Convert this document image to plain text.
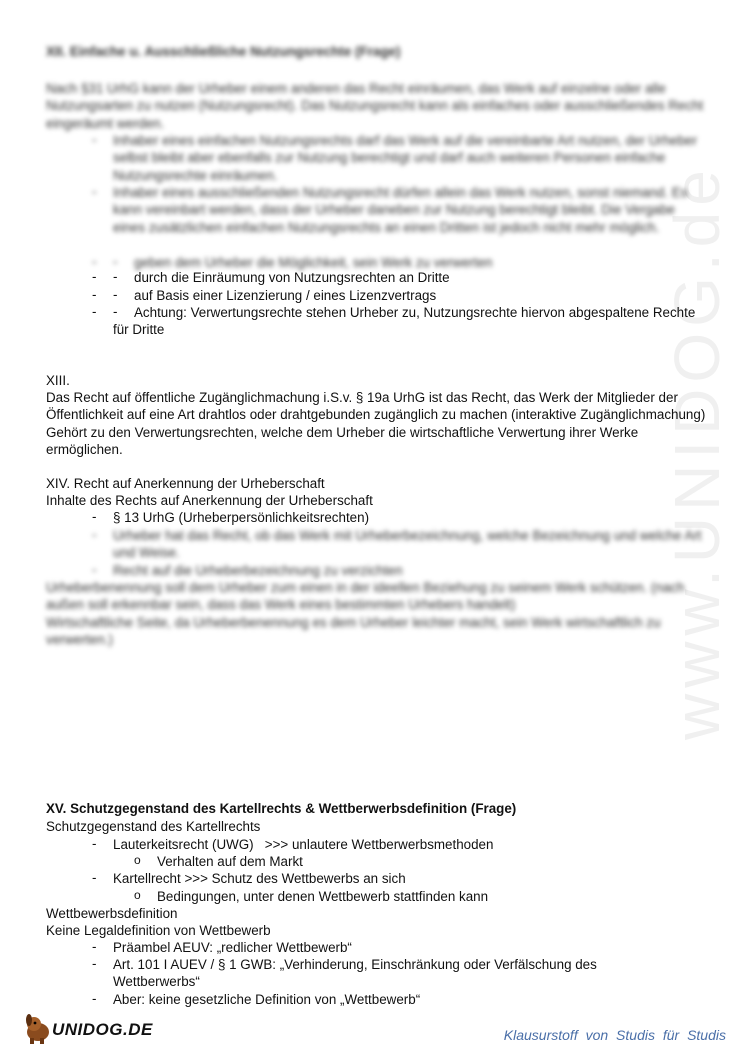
www.UNIDOG.de
XII. Einfache u. Ausschließliche Nutzungsrechte (Frage)
Nach §31 UrhG kann der Urheber einem anderen das Recht einräumen, das Werk auf einzelne oder alle Nutzungsarten zu nutzen (Nutzungsrecht). Das Nutzungsrecht kann als einfaches oder ausschließendes Recht eingeräumt werden.
- Inhaber eines einfachen Nutzungsrechts darf das Werk auf die vereinbarte Art nutzen, der Urheber selbst bleibt aber ebenfalls zur Nutzung berechtigt und darf auch weiteren Personen einfache Nutzungsrechte einräumen.
- Inhaber eines ausschließenden Nutzungsrecht dürfen allein das Werk nutzen, sonst niemand. Es kann vereinbart werden, dass der Urheber daneben zur Nutzung berechtigt bleibt. Die Vergabe eines zusätzlichen einfachen Nutzungsrechts an einen Dritten ist jedoch nicht mehr möglich.
- - geben dem Urheber die Möglichkeit, sein Werk zu verwerten
- - durch die Einräumung von Nutzungsrechten an Dritte
- - auf Basis einer Lizenzierung / eines Lizenzvertrags
- -	Achtung: Verwertungsrechte stehen Urheber zu, Nutzungsrechte hiervon abgespaltene Rechte für Dritte
XIII.
Das Recht auf öffentliche Zugänglichmachung i.S.v. § 19a UrhG ist das Recht, das Werk der Mitglieder der Öffentlichkeit auf eine Art drahtlos oder drahtgebunden zugänglich zu machen (interaktive Zugänglichmachung) Gehört zu den Verwertungsrechten, welche dem Urheber die wirtschaftliche Verwertung ihrer Werke ermöglichen.
XIV. Recht auf Anerkennung der Urheberschaft
Inhalte des Rechts auf Anerkennung der Urheberschaft
- § 13 UrhG (Urheberpersönlichkeitsrechten)
- Urheber hat das Recht, ob das Werk mit Urheberbezeichnung, welche Bezeichnung und welche Art und Weise.
- Recht auf die Urheberbezeichnung zu verzichten
Urheberbenennung soll dem Urheber zum einen in der ideellen Beziehung zu seinem Werk schützen. (nach außen soll erkennbar sein, dass das Werk eines bestimmten Urhebers handelt)
Wirtschaftliche Seite, da Urheberbenennung es dem Urheber leichter macht, sein Werk wirtschaftlich zu verwerten.)
XV. Schutzgegenstand des Kartellrechts & Wettberwerbsdefinition (Frage)
Schutzgegenstand des Kartellrechts
- Lauterkeitsrecht (UWG)   >>> unlautere Wettberwerbsmethoden
o Verhalten auf dem Markt
- Kartellrecht >>> Schutz des Wettbewerbs an sich
o Bedingungen, unter denen Wettbewerb stattfinden kann
Wettbewerbsdefinition
Keine Legaldefinition von Wettbewerb
- Präambel AEUV: „redlicher Wettbewerb“
- Art. 101 I AUEV / § 1 GWB: „Verhinderung, Einschränkung oder Verfälschung des Wettberwerbs“
- Aber: keine gesetzliche Definition von „Wettbewerb“
UNIDOG.DE	Klausurstoff von Studis für Studis
